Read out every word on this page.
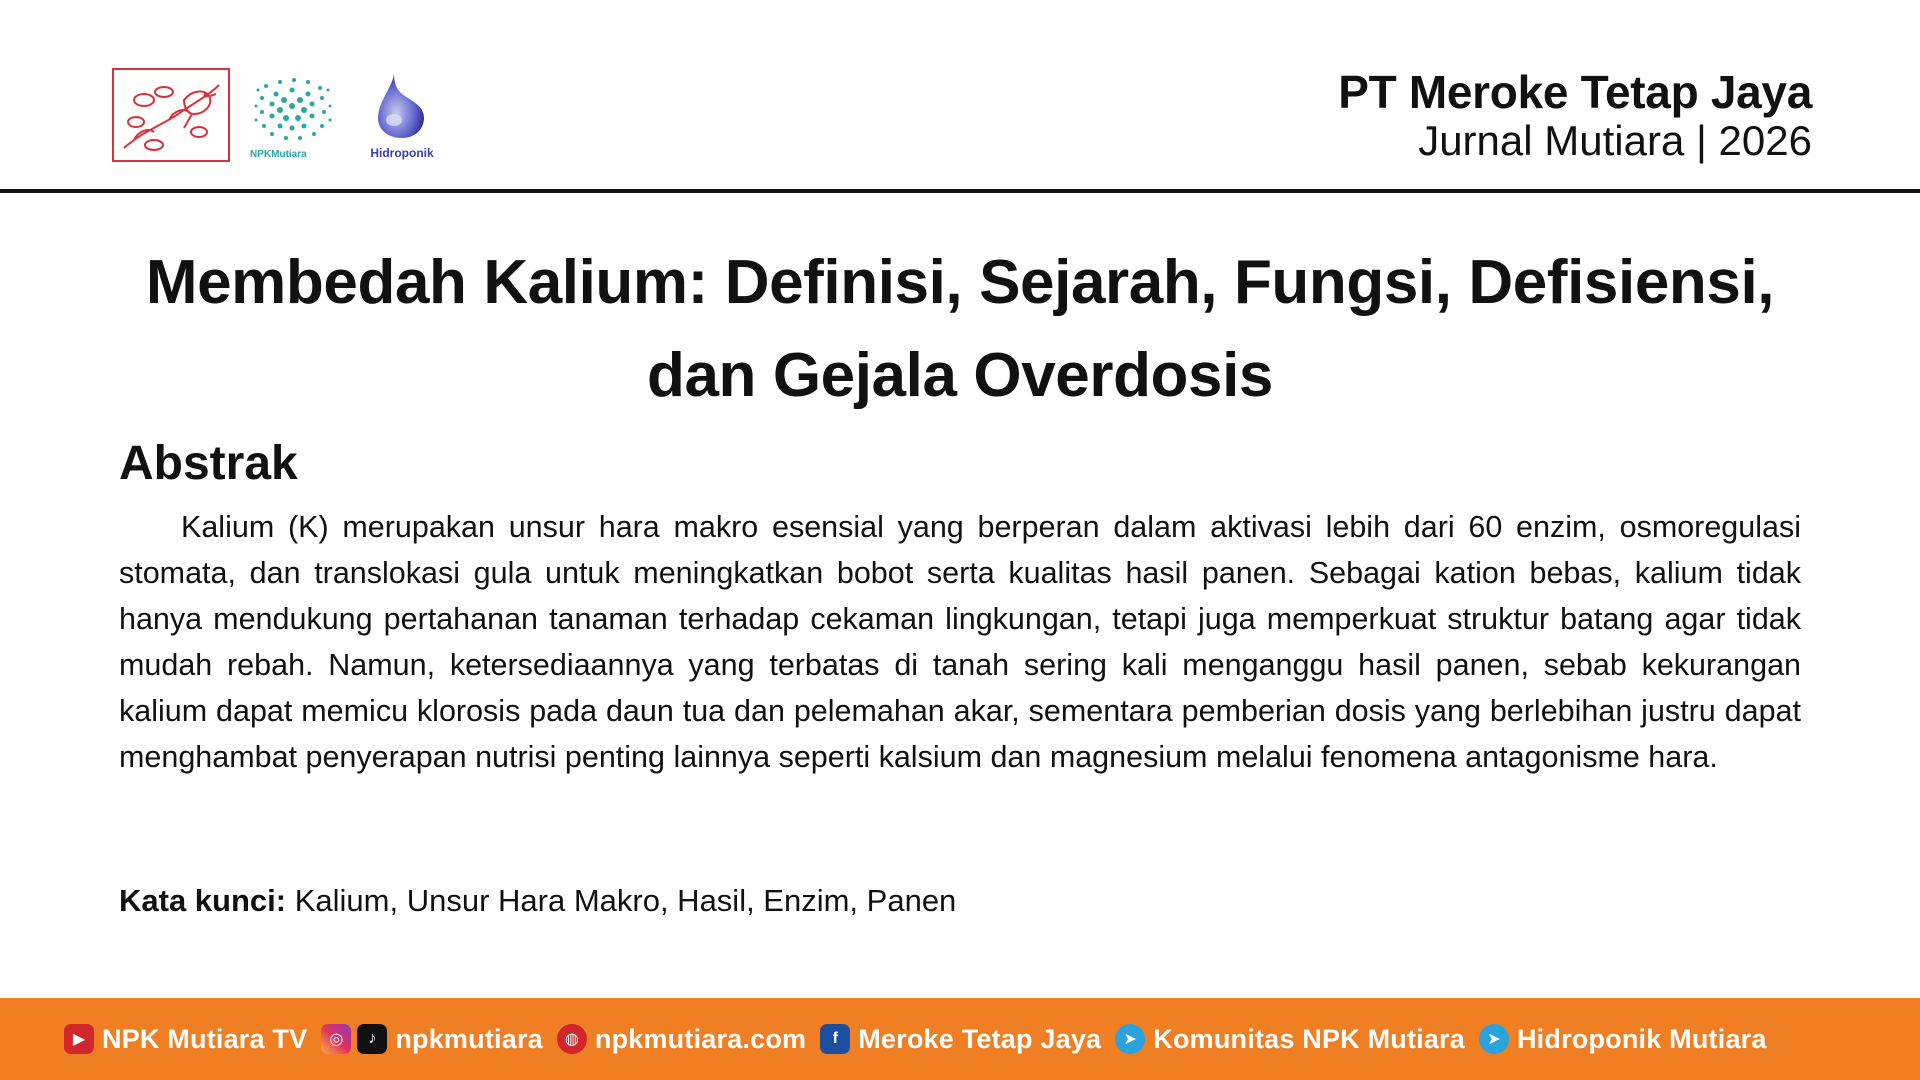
NPKMutiara	Hidroponik
PT Meroke Tetap Jaya
Jurnal Mutiara | 2026
Membedah Kalium: Definisi, Sejarah, Fungsi, Defisiensi,
dan Gejala Overdosis
Abstrak

Kalium (K) merupakan unsur hara makro esensial yang berperan dalam aktivasi lebih dari 60 enzim, osmoregulasi stomata, dan translokasi gula untuk meningkatkan bobot serta kualitas hasil panen. Sebagai kation bebas, kalium tidak hanya mendukung pertahanan tanaman terhadap cekaman lingkungan, tetapi juga memperkuat struktur batang agar tidak mudah rebah. Namun, ketersediaannya yang terbatas di tanah sering kali menganggu hasil panen, sebab kekurangan kalium dapat memicu klorosis pada daun tua dan pelemahan akar, sementara pemberian dosis yang berlebihan justru dapat menghambat penyerapan nutrisi penting lainnya seperti kalsium dan magnesium melalui fenomena antagonisme hara.

Kata kunci: Kalium, Unsur Hara Makro, Hasil, Enzim, Panen
▶ NPK Mutiara TV	◎	♪ npkmutiara	◍ npkmutiara.com	f Meroke Tetap Jaya	➤ Komunitas NPK Mutiara	➤ Hidroponik Mutiara
